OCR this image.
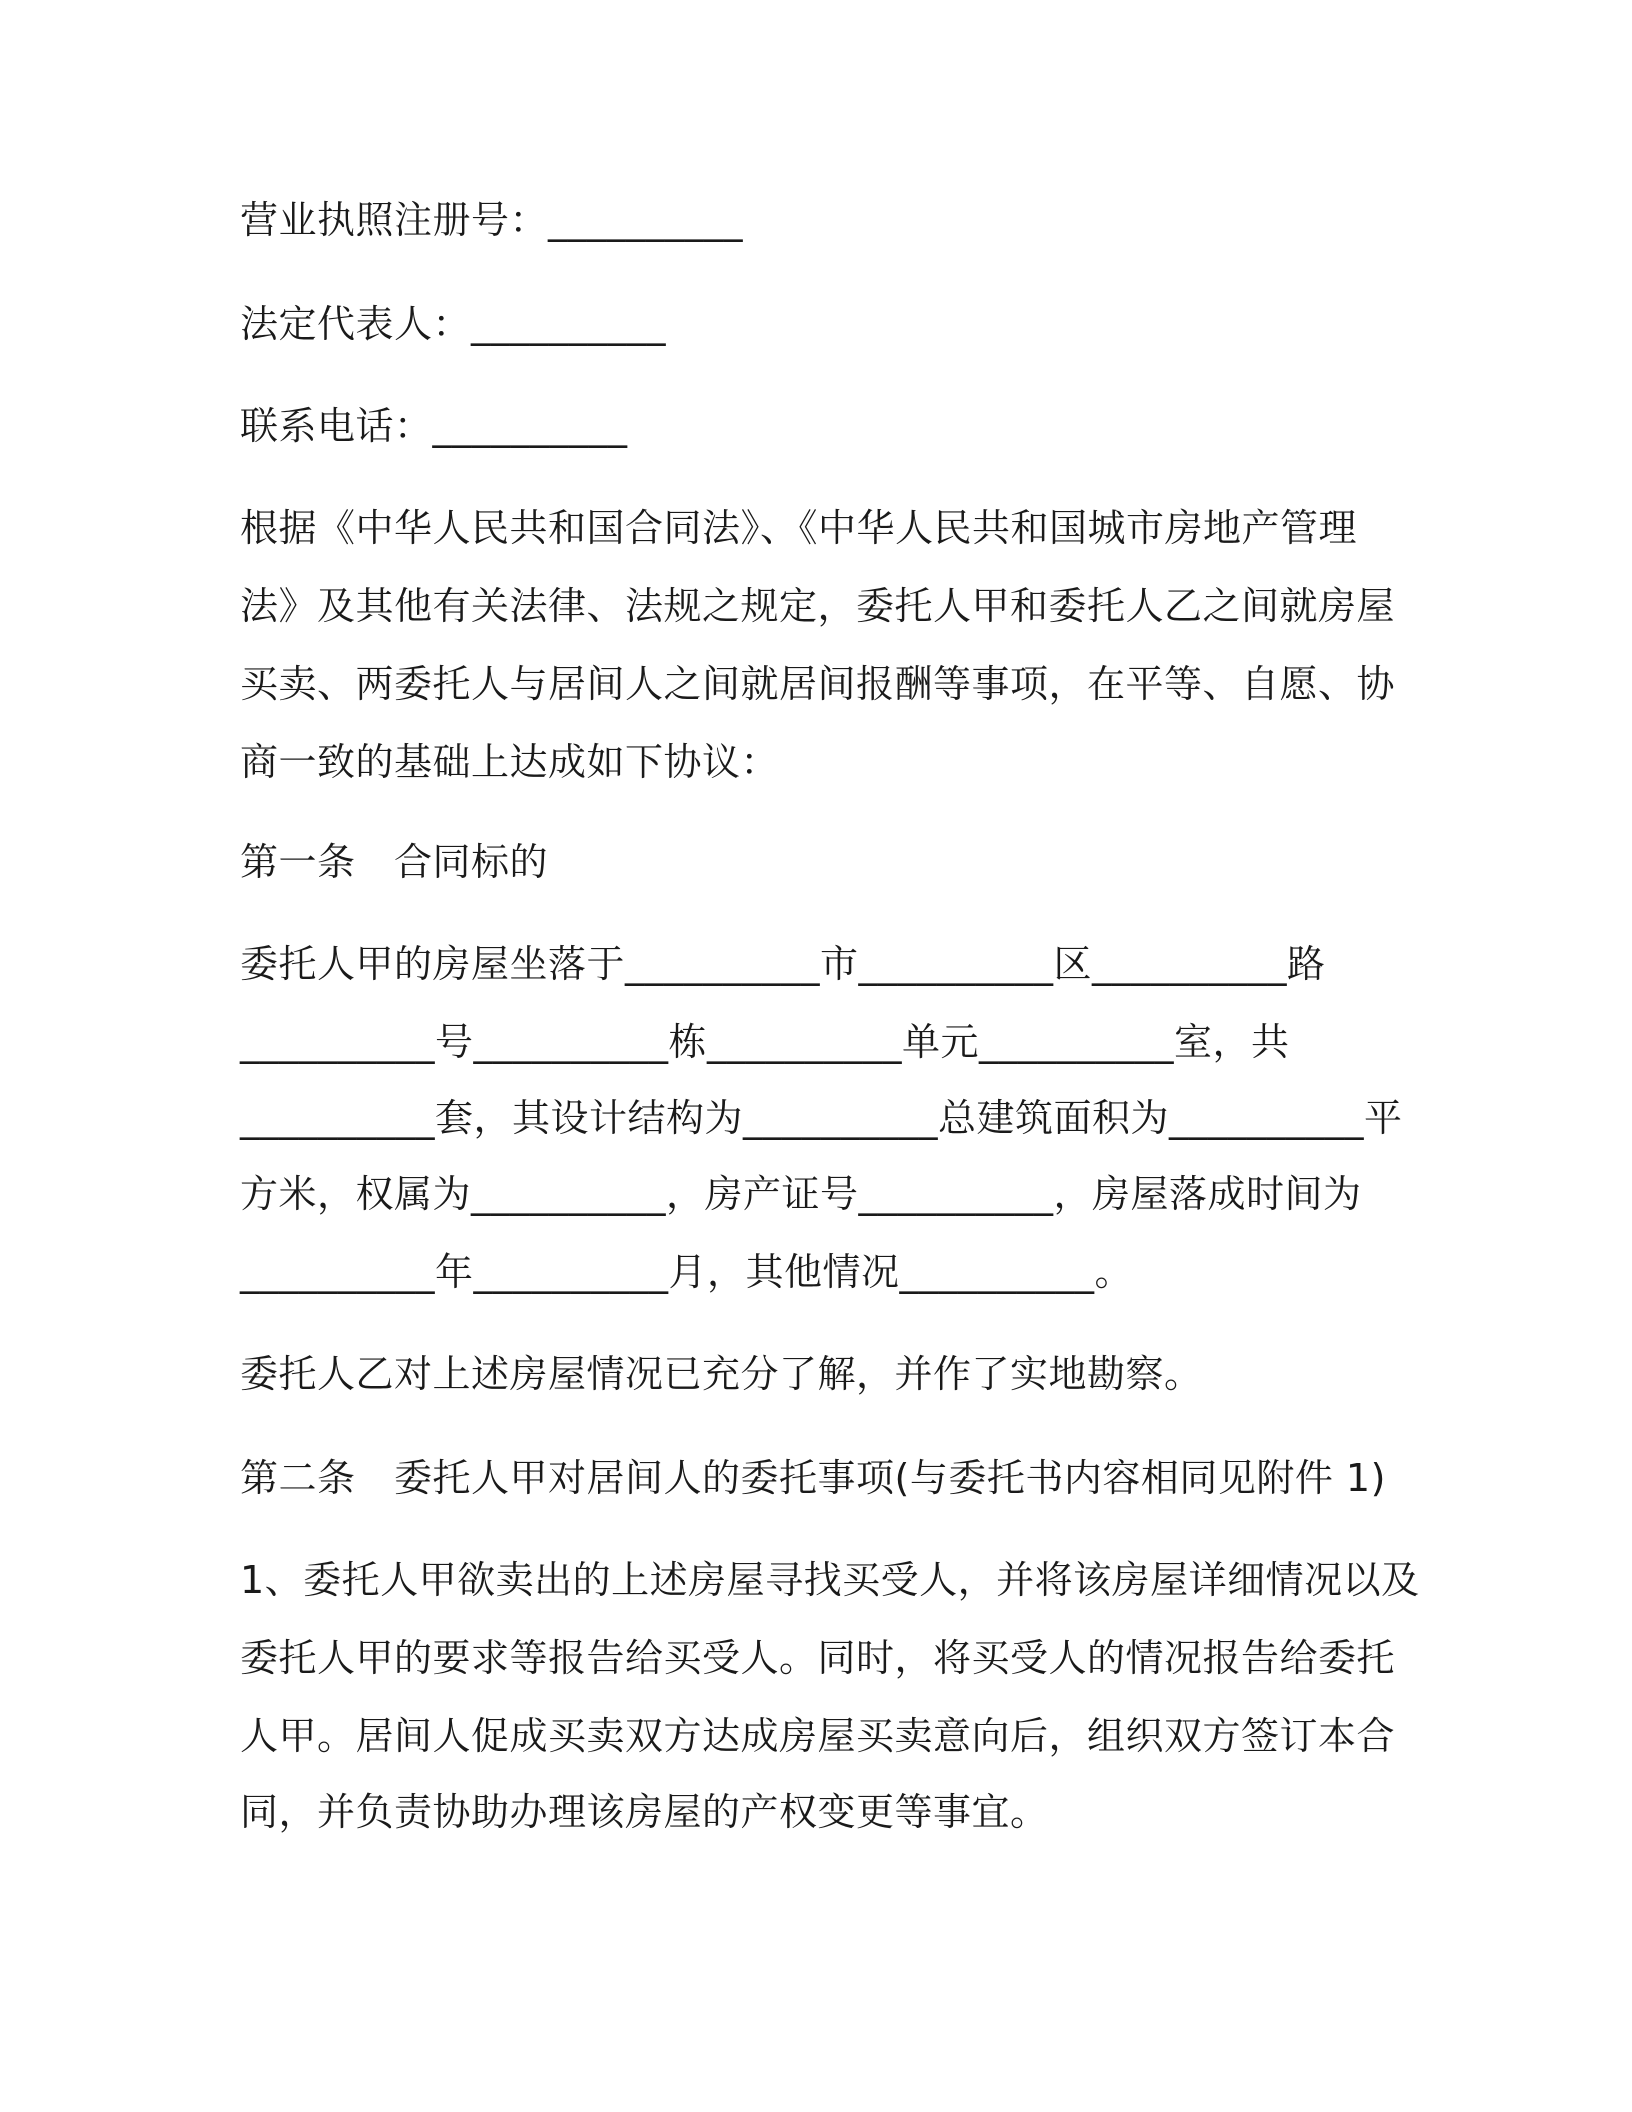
营业执照注册号：__________
法定代表人：__________
联系电话：__________
根据《中华人民共和国合同法》、《中华人民共和国城市房地产管理
法》及其他有关法律、法规之规定，委托人甲和委托人乙之间就房屋
买卖、两委托人与居间人之间就居间报酬等事项，在平等、自愿、协
商一致的基础上达成如下协议：
第一条　合同标的
委托人甲的房屋坐落于__________市__________区__________路
__________号__________栋__________单元__________室，共
__________套，其设计结构为__________总建筑面积为__________平
方米，权属为__________，房产证号__________，房屋落成时间为
__________年__________月，其他情况__________。
委托人乙对上述房屋情况已充分了解，并作了实地勘察。
第二条　委托人甲对居间人的委托事项(与委托书内容相同见附件 1)
1、委托人甲欲卖出的上述房屋寻找买受人，并将该房屋详细情况以及
委托人甲的要求等报告给买受人。同时，将买受人的情况报告给委托
人甲。居间人促成买卖双方达成房屋买卖意向后，组织双方签订本合
同，并负责协助办理该房屋的产权变更等事宜。
